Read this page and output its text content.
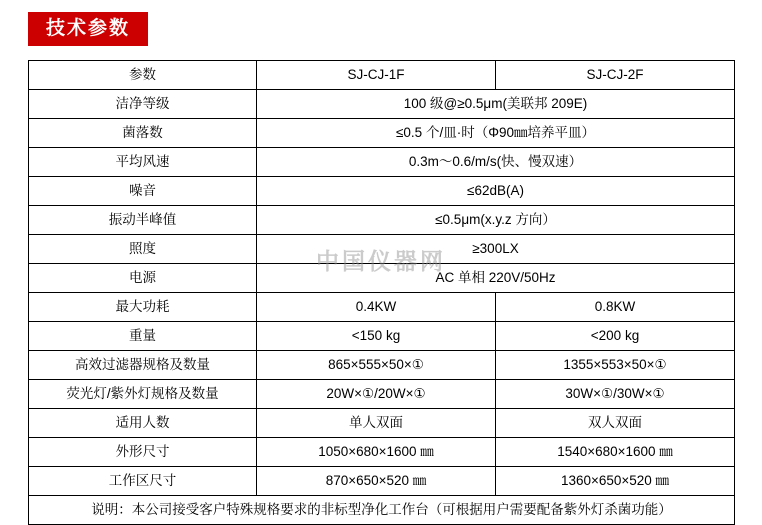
技术参数
参数	SJ-CJ-1F	SJ-CJ-2F
洁净等级	100 级@≥0.5μm(美联邦 209E)	
菌落数	≤0.5 个/皿·时（Φ90㎜培养平皿）	
平均风速	0.3m～0.6/m/s(快、慢双速）	
噪音	≤62dB(A)	
振动半峰值	≤0.5μm(x.y.z 方向）	
照度	≥300LX	
电源	AC 单相 220V/50Hz	
最大功耗	0.4KW	0.8KW
重量	<150 kg	<200 kg
高效过滤器规格及数量	865×555×50×①	1355×553×50×①
荧光灯/紫外灯规格及数量	20W×①/20W×①	30W×①/30W×①
适用人数	单人双面	双人双面
外形尺寸	1050×680×1600 ㎜	1540×680×1600 ㎜
工作区尺寸	870×650×520 ㎜	1360×650×520 ㎜
说明：本公司接受客户特殊规格要求的非标型净化工作台（可根据用户需要配备紫外灯杀菌功能）		
中国仪器网
